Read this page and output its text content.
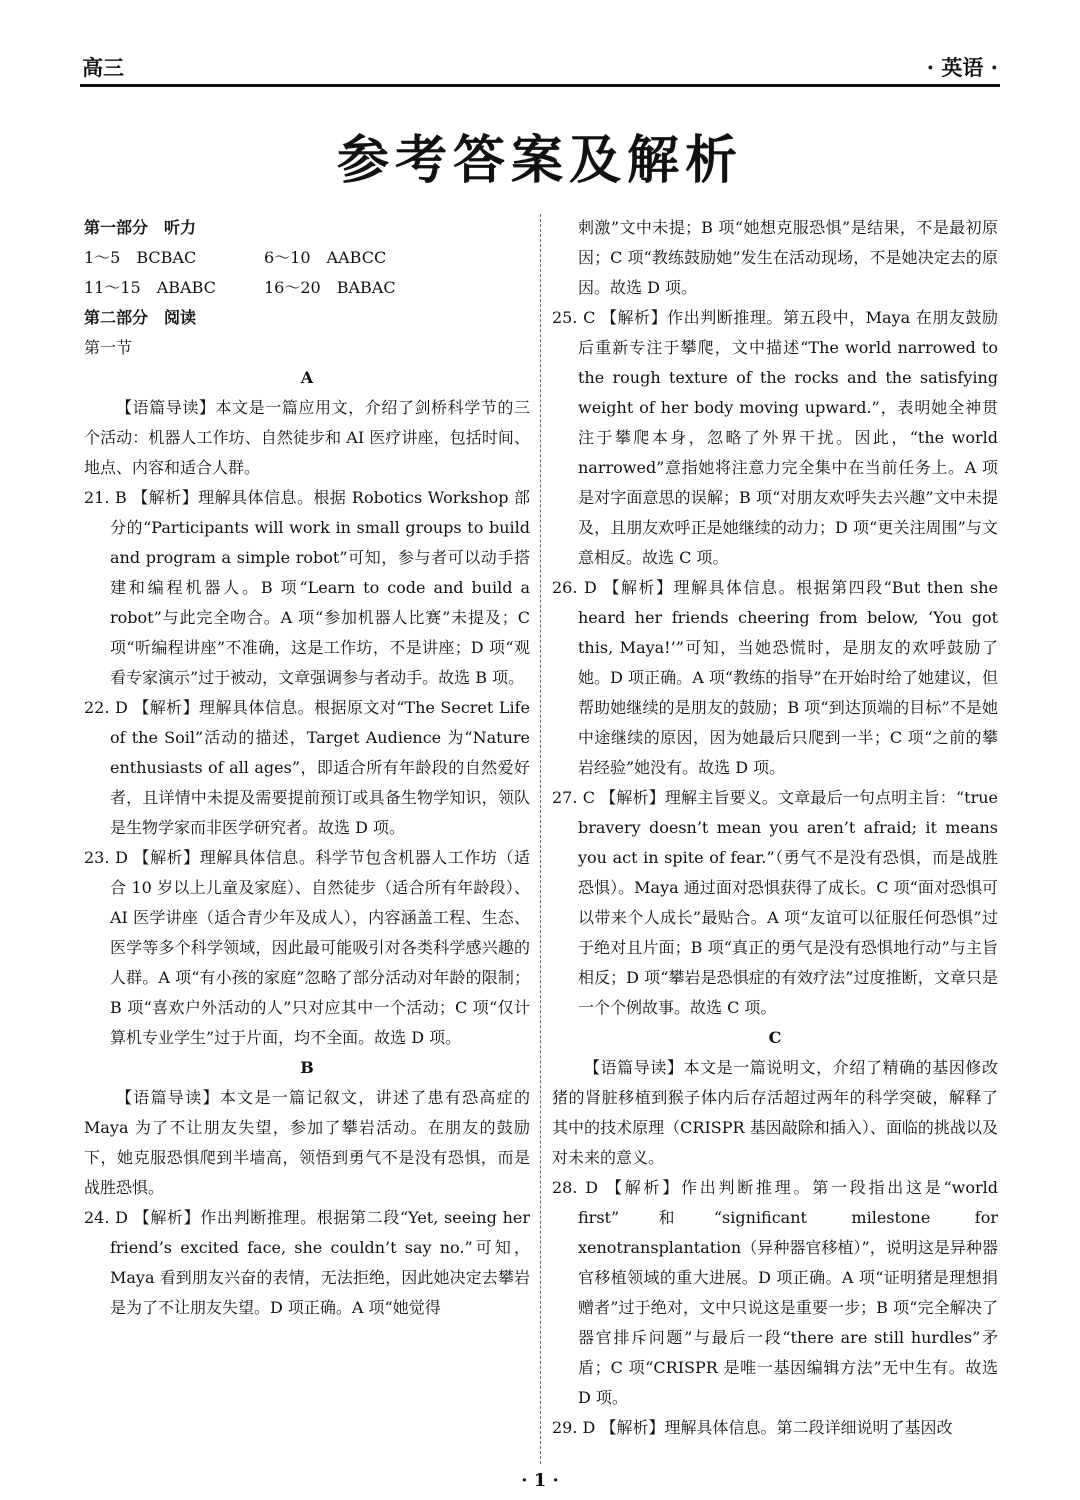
高三	· 英语 ·
参考答案及解析

第一部分　听力

1～5　BCBAC	6～10　AABCC

11～15　ABABC	16～20　BABAC

第二部分　阅读

第一节

A

【语篇导读】本文是一篇应用文，介绍了剑桥科学节的三个活动：机器人工作坊、自然徒步和 AI 医疗讲座，包括时间、地点、内容和适合人群。

21. B 【解析】理解具体信息。根据 Robotics Workshop 部分的“Participants will work in small groups to build and program a simple robot”可知，参与者可以动手搭建和编程机器人。B 项“Learn to code and build a robot”与此完全吻合。A 项“参加机器人比赛”未提及；C 项“听编程讲座”不准确，这是工作坊，不是讲座；D 项“观看专家演示”过于被动，文章强调参与者动手。故选 B 项。

22. D 【解析】理解具体信息。根据原文对“The Secret Life of the Soil”活动的描述，Target Audience 为“Nature enthusiasts of all ages”，即适合所有年龄段的自然爱好者，且详情中未提及需要提前预订或具备生物学知识，领队是生物学家而非医学研究者。故选 D 项。

23. D 【解析】理解具体信息。科学节包含机器人工作坊（适合 10 岁以上儿童及家庭）、自然徒步（适合所有年龄段）、AI 医学讲座（适合青少年及成人），内容涵盖工程、生态、医学等多个科学领域，因此最可能吸引对各类科学感兴趣的人群。A 项“有小孩的家庭”忽略了部分活动对年龄的限制；B 项“喜欢户外活动的人”只对应其中一个活动；C 项“仅计算机专业学生”过于片面，均不全面。故选 D 项。

B

【语篇导读】本文是一篇记叙文，讲述了患有恐高症的 Maya 为了不让朋友失望，参加了攀岩活动。在朋友的鼓励下，她克服恐惧爬到半墙高，领悟到勇气不是没有恐惧，而是战胜恐惧。

24. D 【解析】作出判断推理。根据第二段“Yet, seeing her friend’s excited face, she couldn’t say no.”可知，Maya 看到朋友兴奋的表情，无法拒绝，因此她决定去攀岩是为了不让朋友失望。D 项正确。A 项“她觉得

刺激”文中未提；B 项“她想克服恐惧”是结果，不是最初原因；C 项“教练鼓励她”发生在活动现场，不是她决定去的原因。故选 D 项。

25. C 【解析】作出判断推理。第五段中，Maya 在朋友鼓励后重新专注于攀爬，文中描述“The world narrowed to the rough texture of the rocks and the satisfying weight of her body moving upward.”，表明她全神贯注于攀爬本身，忽略了外界干扰。因此，“the world narrowed”意指她将注意力完全集中在当前任务上。A 项是对字面意思的误解；B 项“对朋友欢呼失去兴趣”文中未提及，且朋友欢呼正是她继续的动力；D 项“更关注周围”与文意相反。故选 C 项。

26. D 【解析】理解具体信息。根据第四段“But then she heard her friends cheering from below, ‘You got this, Maya!’”可知，当她恐慌时，是朋友的欢呼鼓励了她。D 项正确。A 项“教练的指导”在开始时给了她建议，但帮助她继续的是朋友的鼓励；B 项“到达顶端的目标”不是她中途继续的原因，因为她最后只爬到一半；C 项“之前的攀岩经验”她没有。故选 D 项。

27. C 【解析】理解主旨要义。文章最后一句点明主旨：“true bravery doesn’t mean you aren’t afraid; it means you act in spite of fear.”（勇气不是没有恐惧，而是战胜恐惧）。Maya 通过面对恐惧获得了成长。C 项“面对恐惧可以带来个人成长”最贴合。A 项“友谊可以征服任何恐惧”过于绝对且片面；B 项“真正的勇气是没有恐惧地行动”与主旨相反；D 项“攀岩是恐惧症的有效疗法”过度推断，文章只是一个个例故事。故选 C 项。

C

【语篇导读】本文是一篇说明文，介绍了精确的基因修改猪的肾脏移植到猴子体内后存活超过两年的科学突破，解释了其中的技术原理（CRISPR 基因敲除和插入）、面临的挑战以及对未来的意义。

28. D 【解析】作出判断推理。第一段指出这是“world first”和“significant milestone for xenotransplantation（异种器官移植）”，说明这是异种器官移植领域的重大进展。D 项正确。A 项“证明猪是理想捐赠者”过于绝对，文中只说这是重要一步；B 项“完全解决了器官排斥问题”与最后一段“there are still hurdles”矛盾；C 项“CRISPR 是唯一基因编辑方法”无中生有。故选 D 项。

29. D 【解析】理解具体信息。第二段详细说明了基因改

· 1 ·
